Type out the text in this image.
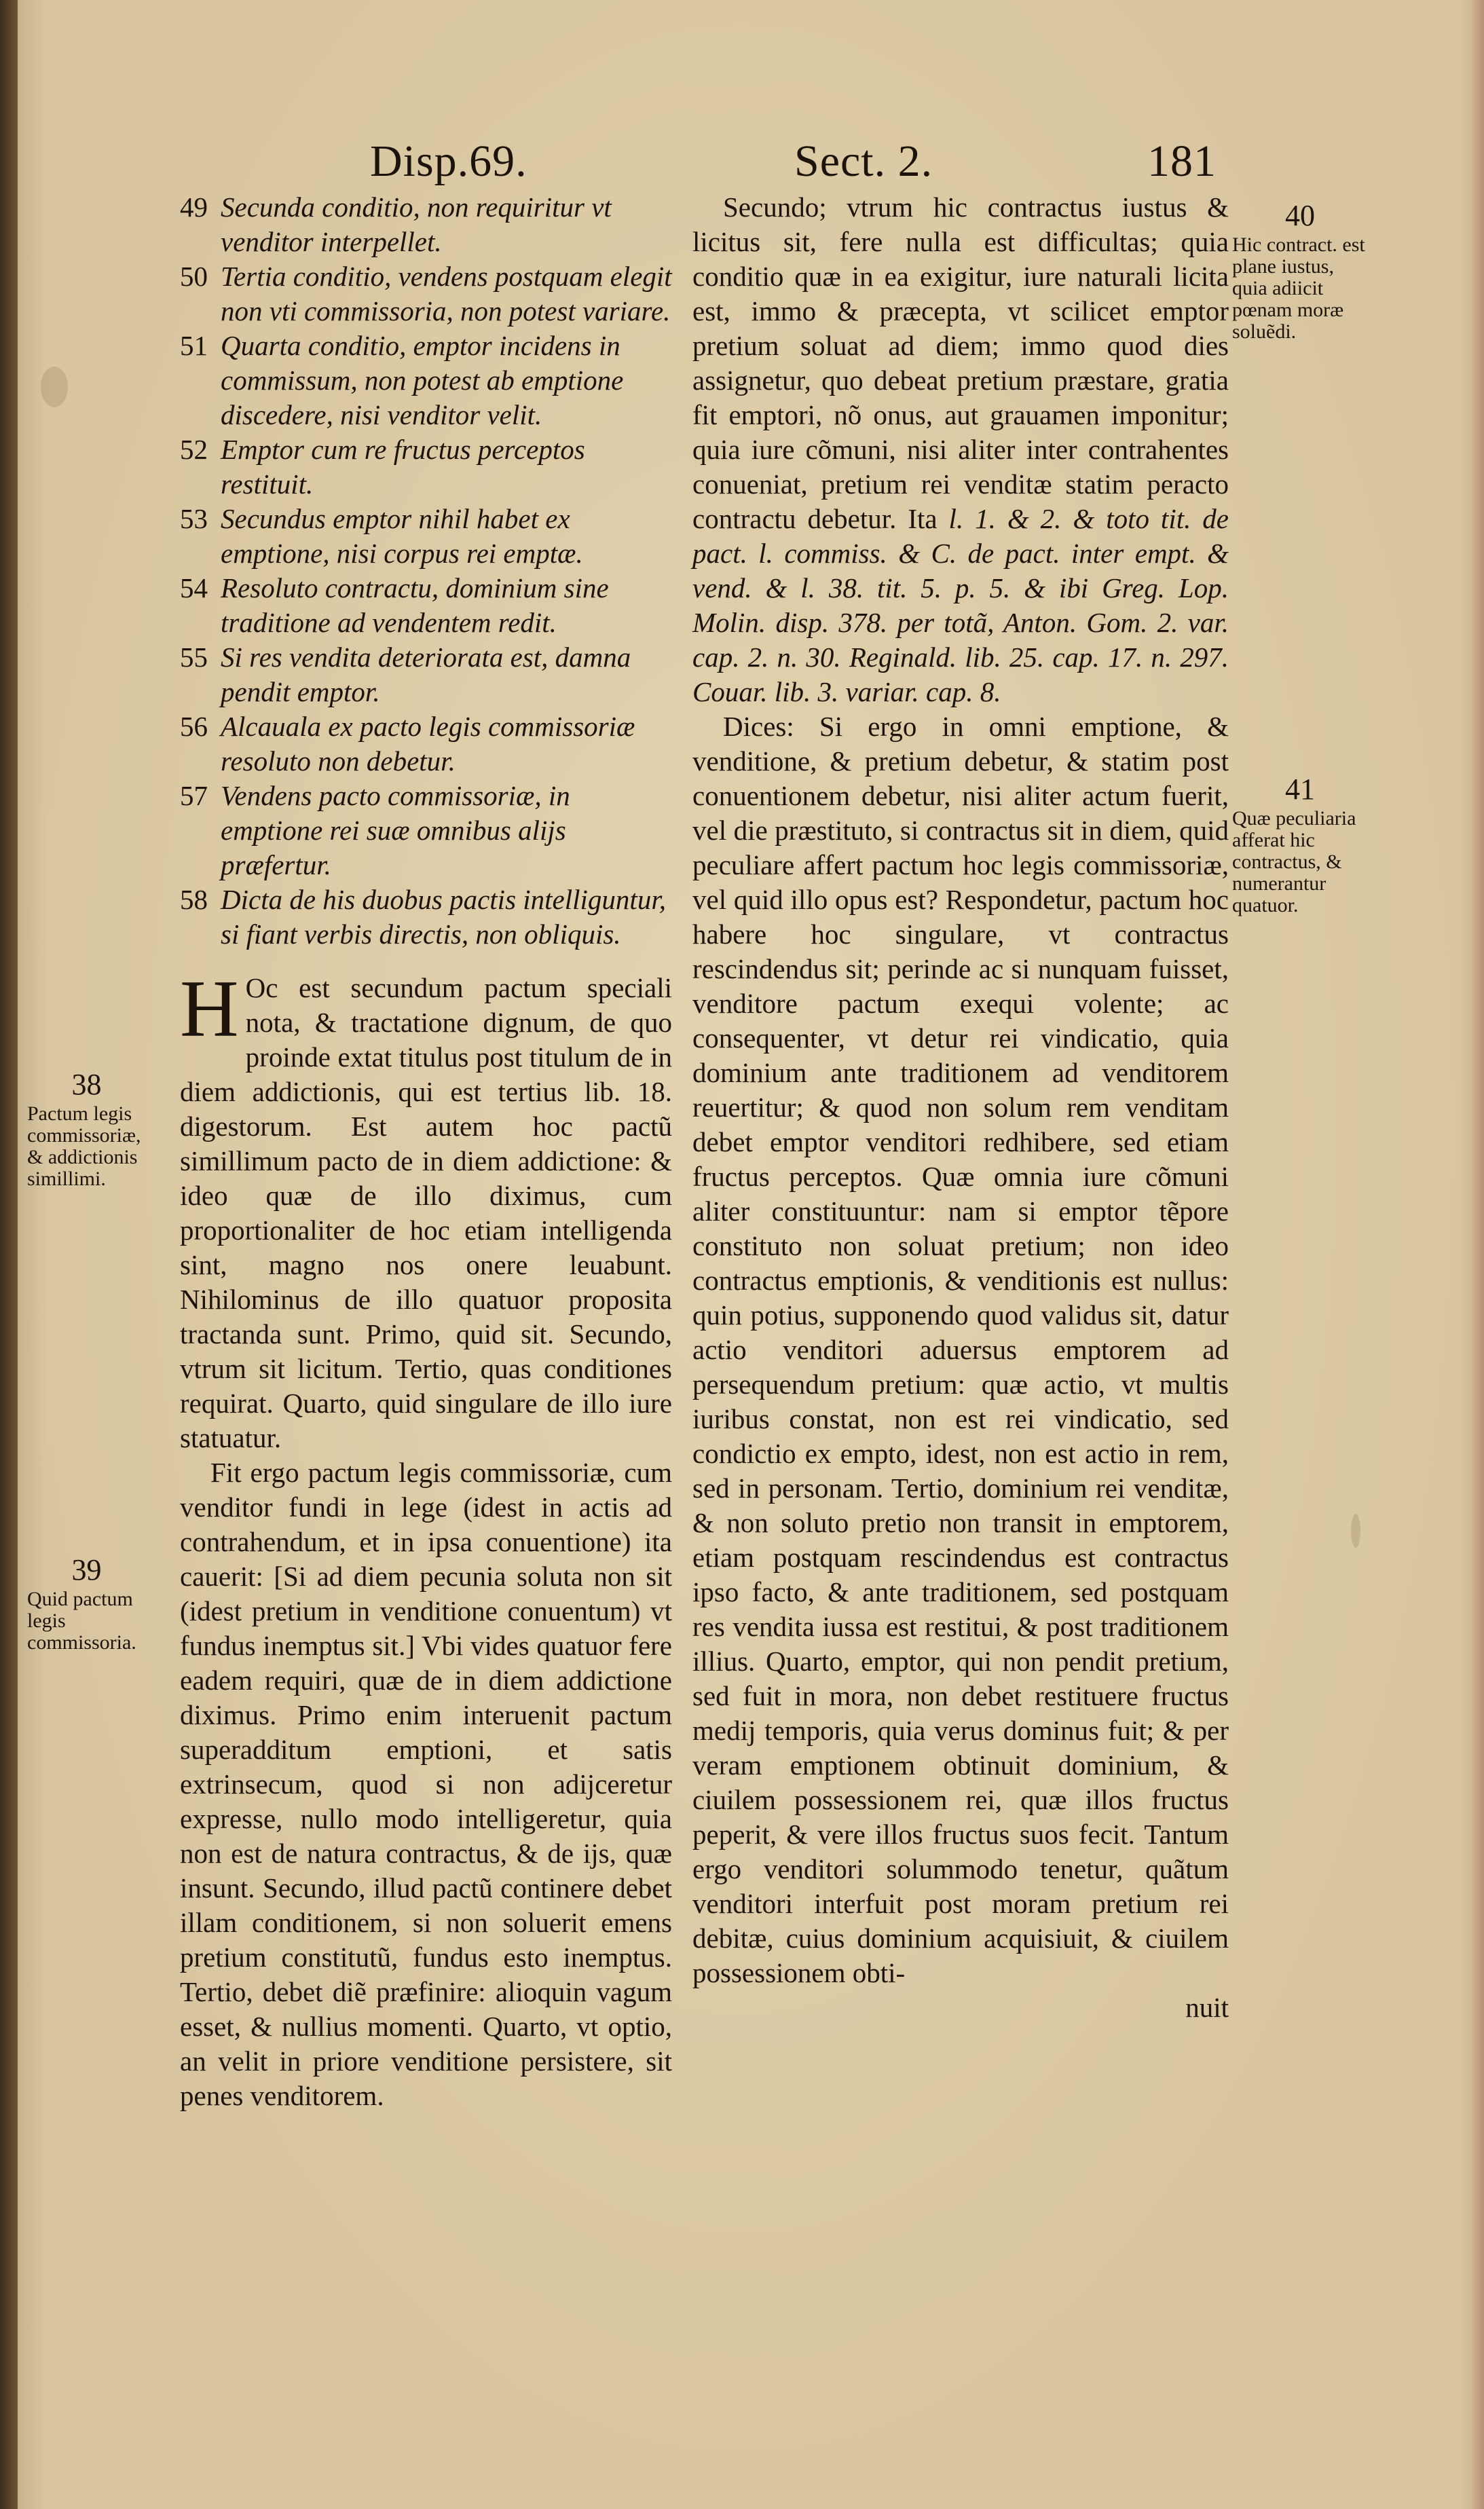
Disp.69.	Sect. 2.	181
49 Secunda conditio, non requiritur vt venditor interpellet.
50 Tertia conditio, vendens postquam elegit non vti commissoria, non potest variare.
51 Quarta conditio, emptor incidens in commissum, non potest ab emptione discedere, nisi venditor velit.
52 Emptor cum re fructus perceptos restituit.
53 Secundus emptor nihil habet ex emptione, nisi corpus rei emptæ.
54 Resoluto contractu, dominium sine traditione ad vendentem redit.
55 Si res vendita deteriorata est, damna pendit emptor.
56 Alcauala ex pacto legis commissoriæ resoluto non debetur.
57 Vendens pacto commissoriæ, in emptione rei suæ omnibus alijs præfertur.
58 Dicta de his duobus pactis intelliguntur, si fiant verbis directis, non obliquis.

H Oc est secundum pactum speciali nota, & tractatione dignum, de quo proinde extat titulus post titulum de in diem addictionis, qui est tertius lib. 18. digestorum. Est autem hoc pactũ simillimum pacto de in diem addictione: & ideo quæ de illo diximus, cum proportionaliter de hoc etiam intelligenda sint, magno nos onere leuabunt. Nihilominus de illo quatuor proposita tractanda sunt. Primo, quid sit. Secundo, vtrum sit licitum. Tertio, quas conditiones requirat. Quarto, quid singulare de illo iure statuatur.

Fit ergo pactum legis commissoriæ, cum venditor fundi in lege (idest in actis ad contrahendum, et in ipsa conuentione) ita cauerit: [Si ad diem pecunia soluta non sit (idest pretium in venditione conuentum) vt fundus inemptus sit.] Vbi vides quatuor fere eadem requiri, quæ de in diem addictione diximus. Primo enim interuenit pactum superadditum emptioni, et satis extrinsecum, quod si non adijceretur expresse, nullo modo intelligeretur, quia non est de natura contractus, & de ijs, quæ insunt. Secundo, illud pactũ continere debet illam conditionem, si non soluerit emens pretium constitutũ, fundus esto inemptus. Tertio, debet diẽ præfinire: alioquin vagum esset, & nullius momenti. Quarto, vt optio, an velit in priore venditione persistere, sit penes venditorem.

Secundo; vtrum hic contractus iustus & licitus sit, fere nulla est difficultas; quia conditio quæ in ea exigitur, iure naturali licita est, immo & præcepta, vt scilicet emptor pretium soluat ad diem; immo quod dies assignetur, quo debeat pretium præstare, gratia fit emptori, nõ onus, aut grauamen imponitur; quia iure cõmuni, nisi aliter inter contrahentes conueniat, pretium rei venditæ statim peracto contractu debetur. Ita l. 1. & 2. & toto tit. de pact. l. commiss. & C. de pact. inter empt. & vend. & l. 38. tit. 5. p. 5. & ibi Greg. Lop. Molin. disp. 378. per totã, Anton. Gom. 2. var. cap. 2. n. 30. Reginald. lib. 25. cap. 17. n. 297. Couar. lib. 3. variar. cap. 8.

Dices: Si ergo in omni emptione, & venditione, & pretium debetur, & statim post conuentionem debetur, nisi aliter actum fuerit, vel die præstituto, si contractus sit in diem, quid peculiare affert pactum hoc legis commissoriæ, vel quid illo opus est? Respondetur, pactum hoc habere hoc singulare, vt contractus rescindendus sit; perinde ac si nunquam fuisset, venditore pactum exequi volente; ac consequenter, vt detur rei vindicatio, quia dominium ante traditionem ad venditorem reuertitur; & quod non solum rem venditam debet emptor venditori redhibere, sed etiam fructus perceptos. Quæ omnia iure cõmuni aliter constituuntur: nam si emptor tẽpore constituto non soluat pretium; non ideo contractus emptionis, & venditionis est nullus: quin potius, supponendo quod validus sit, datur actio venditori aduersus emptorem ad persequendum pretium: quæ actio, vt multis iuribus constat, non est rei vindicatio, sed condictio ex empto, idest, non est actio in rem, sed in personam. Tertio, dominium rei venditæ, & non soluto pretio non transit in emptorem, etiam postquam rescindendus est contractus ipso facto, & ante traditionem, sed postquam res vendita iussa est restitui, & post traditionem illius. Quarto, emptor, qui non pendit pretium, sed fuit in mora, non debet restituere fructus medij temporis, quia verus dominus fuit; & per veram emptionem obtinuit dominium, & ciuilem possessionem rei, quæ illos fructus peperit, & vere illos fructus suos fecit. Tantum ergo venditori solummodo tenetur, quãtum venditori interfuit post moram pretium rei debitæ, cuius dominium acquisiuit, & ciuilem possessionem obti-

nuit
38
Pactum legis commissoriæ, & addictionis simillimi.
39
Quid pactum legis commissoria.
40
Hic contract. est plane iustus, quia adiicit pœnam moræ soluẽdi.
41
Quæ peculiaria afferat hic contractus, & numerantur quatuor.
